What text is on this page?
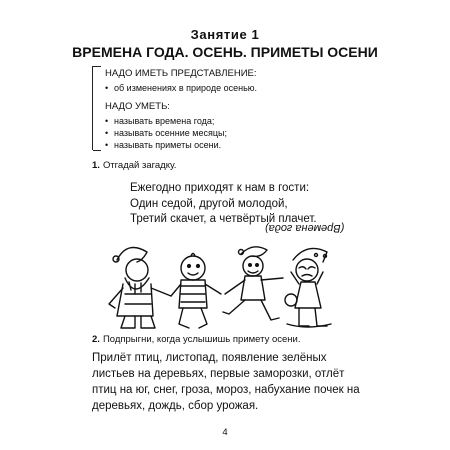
Занятие 1
ВРЕМЕНА ГОДА. ОСЕНЬ. ПРИМЕТЫ ОСЕНИ
НАДО ИМЕТЬ ПРЕДСТАВЛЕНИЕ:
• об изменениях в природе осенью.
НАДО УМЕТЬ:
• называть времена года;
• называть осенние месяцы;
• называть приметы осени.
1. Отгадай загадку.
Ежегодно приходят к нам в гости:
Один седой, другой молодой,
Третий скачет, а четвёртый плачет.
(Времена года)
2. Подпрыгни, когда услышишь примету осени.
Прилёт птиц, листопад, появление зелёных листьев на деревьях, первые заморозки, отлёт птиц на юг, снег, гроза, мороз, набухание почек на деревьях, дождь, сбор урожая.
4
